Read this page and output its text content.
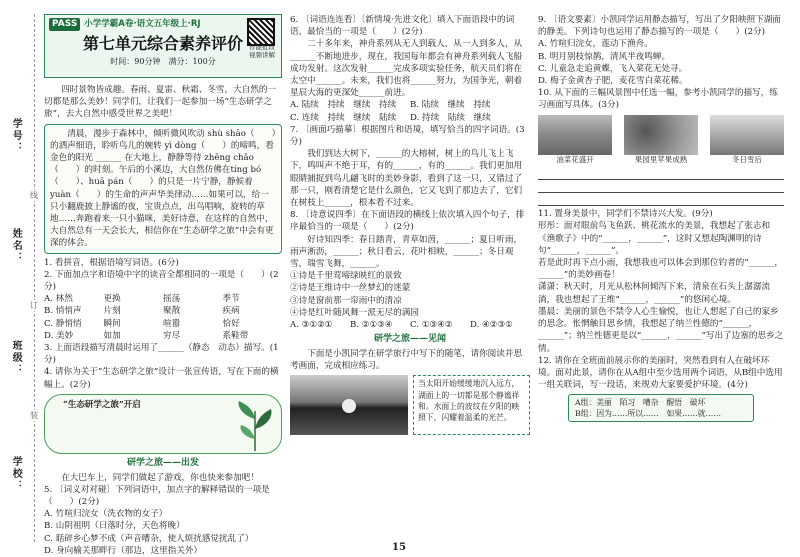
学号：
姓名：
班级：
学校：
线
订
装
PASS 小学学霸A卷·语文五年级上·RJ
第七单元综合素养评价
时间：90分钟　满分：100分
智能批改 视频讲解

四时景物皆成趣。春雨、夏雷、秋霜、冬雪，大自然的一切都是那么美妙！同学们，让我们一起参加一场“生态研学之旅”，去大自然中感受世界之美吧！

清晨，漫步于森林中，倾听微风吹动 shù shāo（　　）的洒声细语，聆听鸟儿的婉转 yì dòng（　　）的啼鸣，看金色的阳光 ______ 在大地上，静静等待 zhēng chǎo（　　）的时刻。午后的小溪边，大自然仿佛在tíng bó（　　）、huā pán（　　）的只是一片宁静，静候着 yuàn（　　）的生命的声声华美律动……如果可以，给一只小翻鹿披上静谧的夜，宝贵点点，出鸟唱响，旋转的草地……奔跑着来一只小猫咪，美好诗意，在这样的自然中，大自然总有一天会长大，相信你在“生态研学之旅”中会有更深的体会。

1. 看拼音，根据语境写词语。(6分)

2. 下面加点字和语境中字的读音全都相同的一项是（　　）(2分)

A. 林然	更换	摇荡	季节
B. 悄悄声	片刻	聚散	疾病
C. 静悄悄	瞬间	喧嚣	恰好
D. 美妙	如加	穷尽	系鞋带

3. 上面语段描写清晨时运用了______（静态　动态）描写。(1分)

4. 请你为关于“生态研学之旅”设计一张宣传语，写在下面的横幅上。(2分)

“生态研学之旅”开启
研学之旅——出发

在大巴车上，同学们做起了游戏，你也快来参加吧！

5. 〔词义对对碰〕下列词语中，加点字的解释错误的一项是（　　）(2分)

A. 竹喧归浣女（洗衣物的女子）

B. 山阴祖明（日落时分，天色将晚）

C. 聒碎乡心梦不成（声音嘈杂，使人烦扰感觉扰乱了）

D. 身向榆关那畔行（那边，这里指关外）

6. 〔词语连连看〕〔新情境·先进文化〕填入下面语段中的词语，最恰当的一项是（　　）(2分)

二十多年来，神舟系列从无人到载人，从一人到多人，从______不断地进步，现在，我国每年都会有神舟系列载人飞船成功发射。这次发射______完成多项实验任务，航天员们将在太空中______。未来，我们也将______努力，为国争光，朝着星辰大海的更深处______前进。

A. 陆续　持续　继续　持续	B. 陆续　继续　持续
C. 连续　持续　继续　陆续	D. 持续　陆续　继续

7. 〔画面巧描摹〕根据图片和语境，填写恰当的四字词语。(3分)

我们到达大树下，______的大榕树，树上的鸟儿飞上飞下，鸣叫声不绝于耳，有的______，有的______。我们更加用眼睛捕捉到鸟儿翩飞时的美妙身影，看到了这一只，又错过了那一只，刚看清楚它是什么颜色，它又飞到了那边去了，它们在树枝上______，根本看不过来。

8. 〔诗意说四季〕在下面语段的横线上依次填入四个句子，排序最恰当的一项是（　　）(2分)

好诗知四季：春日踏青，青草如茵，______；夏日听雨，雨声淅沥，______；秋日看云，花叶相映，______；冬日观雪，瑞雪飞舞，______。

①诗是千里莺啼绿映红的景致

②诗是王维诗中一丝梦幻的迷蒙

③诗是窗前那一帘雨中的清凉

④诗是红叶随风舞一派无尽的满园

A. ③①②①	B. ②①③④	C. ①③④②	D. ④②③①
研学之旅——见闻

下面是小凯同学在研学旅行中写下的随笔，请你阅读并思考画面，完成相应练习。

当太阳开始缓缓地沉入远方，湖面上的一切都是那个静谧祥和。水面上的波纹在夕阳的映照下，闪耀着温柔的光芒。

9. 〔语文要素〕小凯同学运用静态描写，写出了夕阳映照下湖面的静美。下列诗句也运用了静态描写的一项是（　　）(2分)

A. 竹喧归浣女，莲动下渔舟。

B. 明月别枝惊鹊，清风半夜鸣蝉。

C. 儿童急走追黄蝶，飞入菜花无处寻。

D. 梅子金黄杏子肥，麦花雪白菜花稀。

10. 从下面的三幅风景图中任选一幅，参考小凯同学的描写，练习画面写具体。(3分)

油菜花盛开	果园里苹果成熟	冬日雪后

11. 置身美景中，同学们不禁诗兴大发。(9分)

形彤：面对眼前鸟飞鱼跃、桃花流水的美景，我想起了张志和《渔歌子》中的“______，______”，这时又想起陶渊明的诗句“______，______”。

若是此时再下点小雨，我想我也可以体会到那位钓者的“______，______”的美妙画卷！

潇潇：秋天时，月光从松林间倾泻下来，清泉在石头上潺潺流淌，我也想起了王维“______，______”的悠闲心境。

墨晨：美丽的景色不禁令人心生愉悦，也让人想起了自己的家乡的思念。怅惘触目思乡情，我想起了纳兰性德的“______，______”；纳兰性德更是以“______，______”写出了边塞的思乡之情。

12. 请你在全班面前展示你的美丽时，突然看到有人在破坏环境。面对此景，请你在从A组中至少选用两个词语，从B组中选用一组关联词，写一段话，来规劝大家要爱护环境。(4分)

A组：美丽　陌习　嘈杂　醒悟　破坏
B组：因为……所以……　如果……就……
15
